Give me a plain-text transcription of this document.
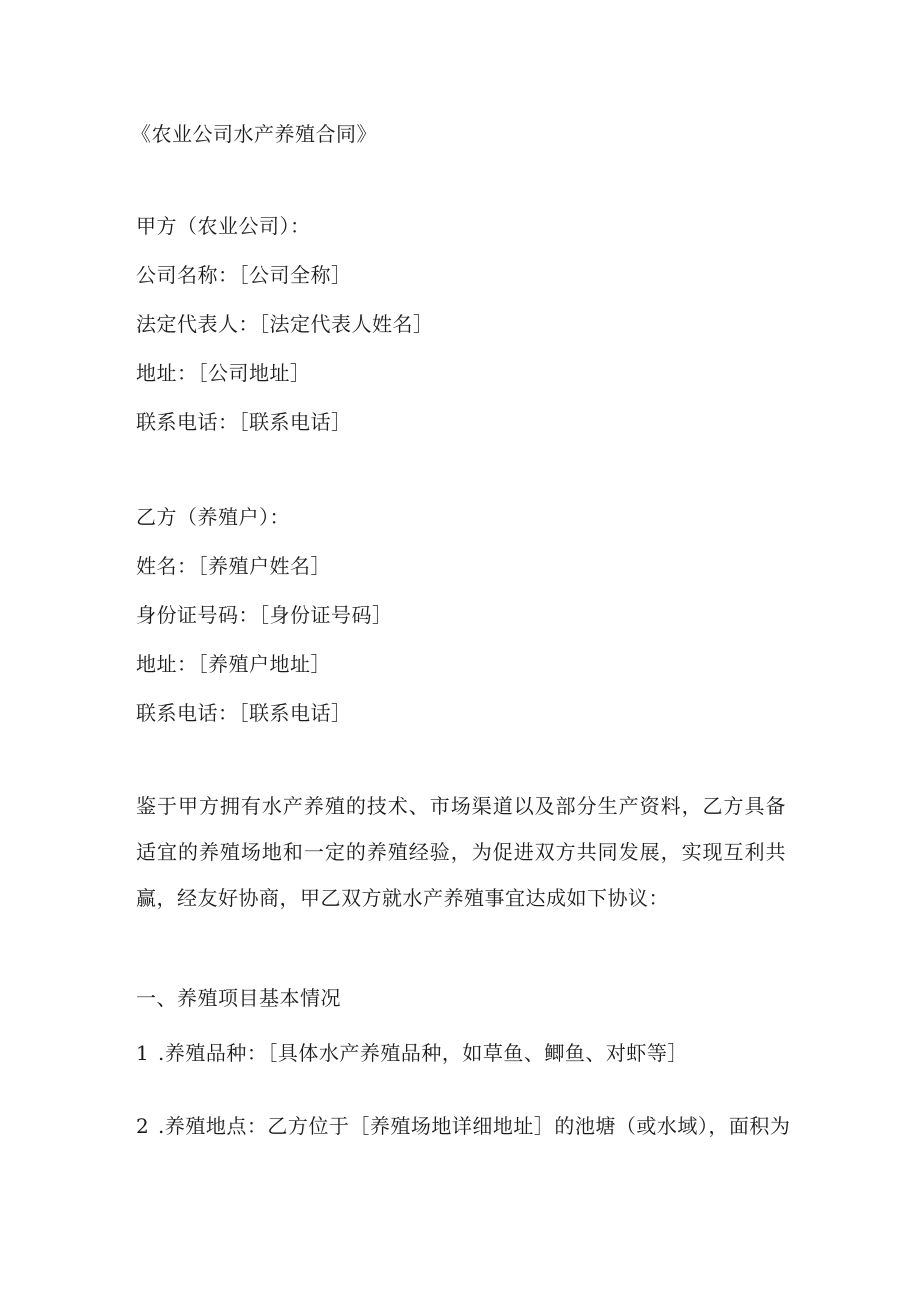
《农业公司水产养殖合同》
甲方（农业公司）：
公司名称：［公司全称］
法定代表人：［法定代表人姓名］
地址：［公司地址］
联系电话：［联系电话］
乙方（养殖户）：
姓名：［养殖户姓名］
身份证号码：［身份证号码］
地址：［养殖户地址］
联系电话：［联系电话］
鉴于甲方拥有水产养殖的技术、市场渠道以及部分生产资料，乙方具备适宜的养殖场地和一定的养殖经验，为促进双方共同发展，实现互利共赢，经友好协商，甲乙双方就水产养殖事宜达成如下协议：
一、养殖项目基本情况
1 .养殖品种：［具体水产养殖品种，如草鱼、鲫鱼、对虾等］
2 .养殖地点：乙方位于［养殖场地详细地址］的池塘（或水域），面积为
